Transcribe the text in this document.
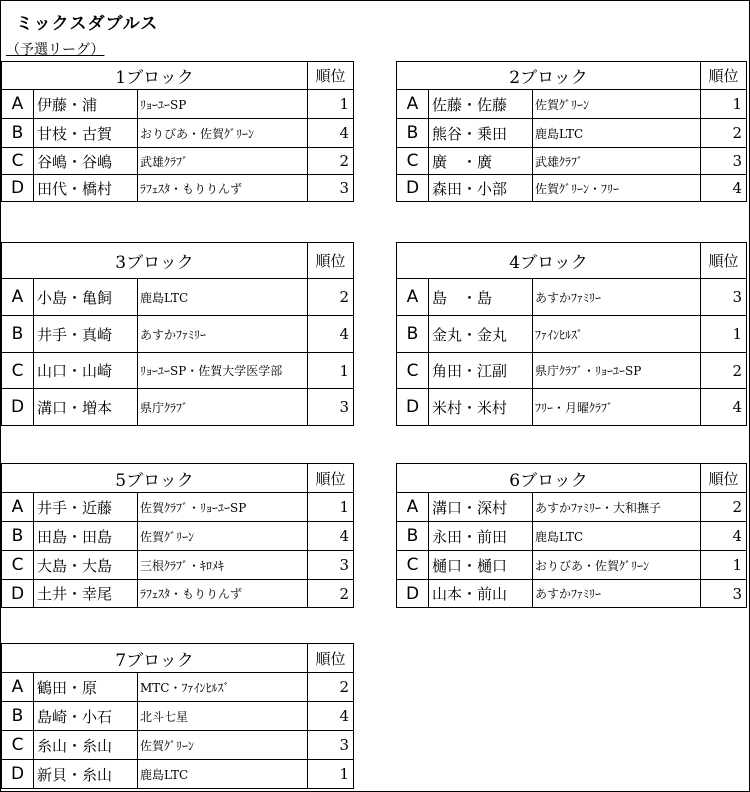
ミックスダブルス
（予選リーグ）
1ブロック			順位
A	伊藤・浦	ﾘｮｰﾕｰSP	1
B	甘枝・古賀	おりびあ・佐賀ｸﾞﾘｰﾝ	4
C	谷嶋・谷嶋	武雄ｸﾗﾌﾞ	2
D	田代・橋村	ﾗﾌｪｽﾀ・もりりんず	3
2ブロック			順位
A	佐藤・佐藤	佐賀ｸﾞﾘｰﾝ	1
B	熊谷・乗田	鹿島LTC	2
C	廣　・廣	武雄ｸﾗﾌﾞ	3
D	森田・小部	佐賀ｸﾞﾘｰﾝ・ﾌﾘｰ	4
3ブロック			順位
A	小島・亀飼	鹿島LTC	2
B	井手・真崎	あすかﾌｧﾐﾘｰ	4
C	山口・山崎	ﾘｮｰﾕｰSP・佐賀大学医学部	1
D	溝口・増本	県庁ｸﾗﾌﾞ	3
4ブロック			順位
A	島　・島	あすかﾌｧﾐﾘｰ	3
B	金丸・金丸	ﾌｧｲﾝﾋﾙｽﾞ	1
C	角田・江副	県庁ｸﾗﾌﾞ・ﾘｮｰﾕｰSP	2
D	米村・米村	ﾌﾘｰ・月曜ｸﾗﾌﾞ	4
5ブロック			順位
A	井手・近藤	佐賀ｸﾗﾌﾞ・ﾘｮｰﾕｰSP	1
B	田島・田島	佐賀ｸﾞﾘｰﾝ	4
C	大島・大島	三根ｸﾗﾌﾞ・ｷﾛﾒｷ	3
D	土井・幸尾	ﾗﾌｪｽﾀ・もりりんず	2
6ブロック			順位
A	溝口・深村	あすかﾌｧﾐﾘｰ・大和撫子	2
B	永田・前田	鹿島LTC	4
C	樋口・樋口	おりびあ・佐賀ｸﾞﾘｰﾝ	1
D	山本・前山	あすかﾌｧﾐﾘｰ	3
7ブロック			順位
A	鶴田・原	MTC・ﾌｧｲﾝﾋﾙｽﾞ	2
B	島崎・小石	北斗七星	4
C	糸山・糸山	佐賀ｸﾞﾘｰﾝ	3
D	新貝・糸山	鹿島LTC	1
